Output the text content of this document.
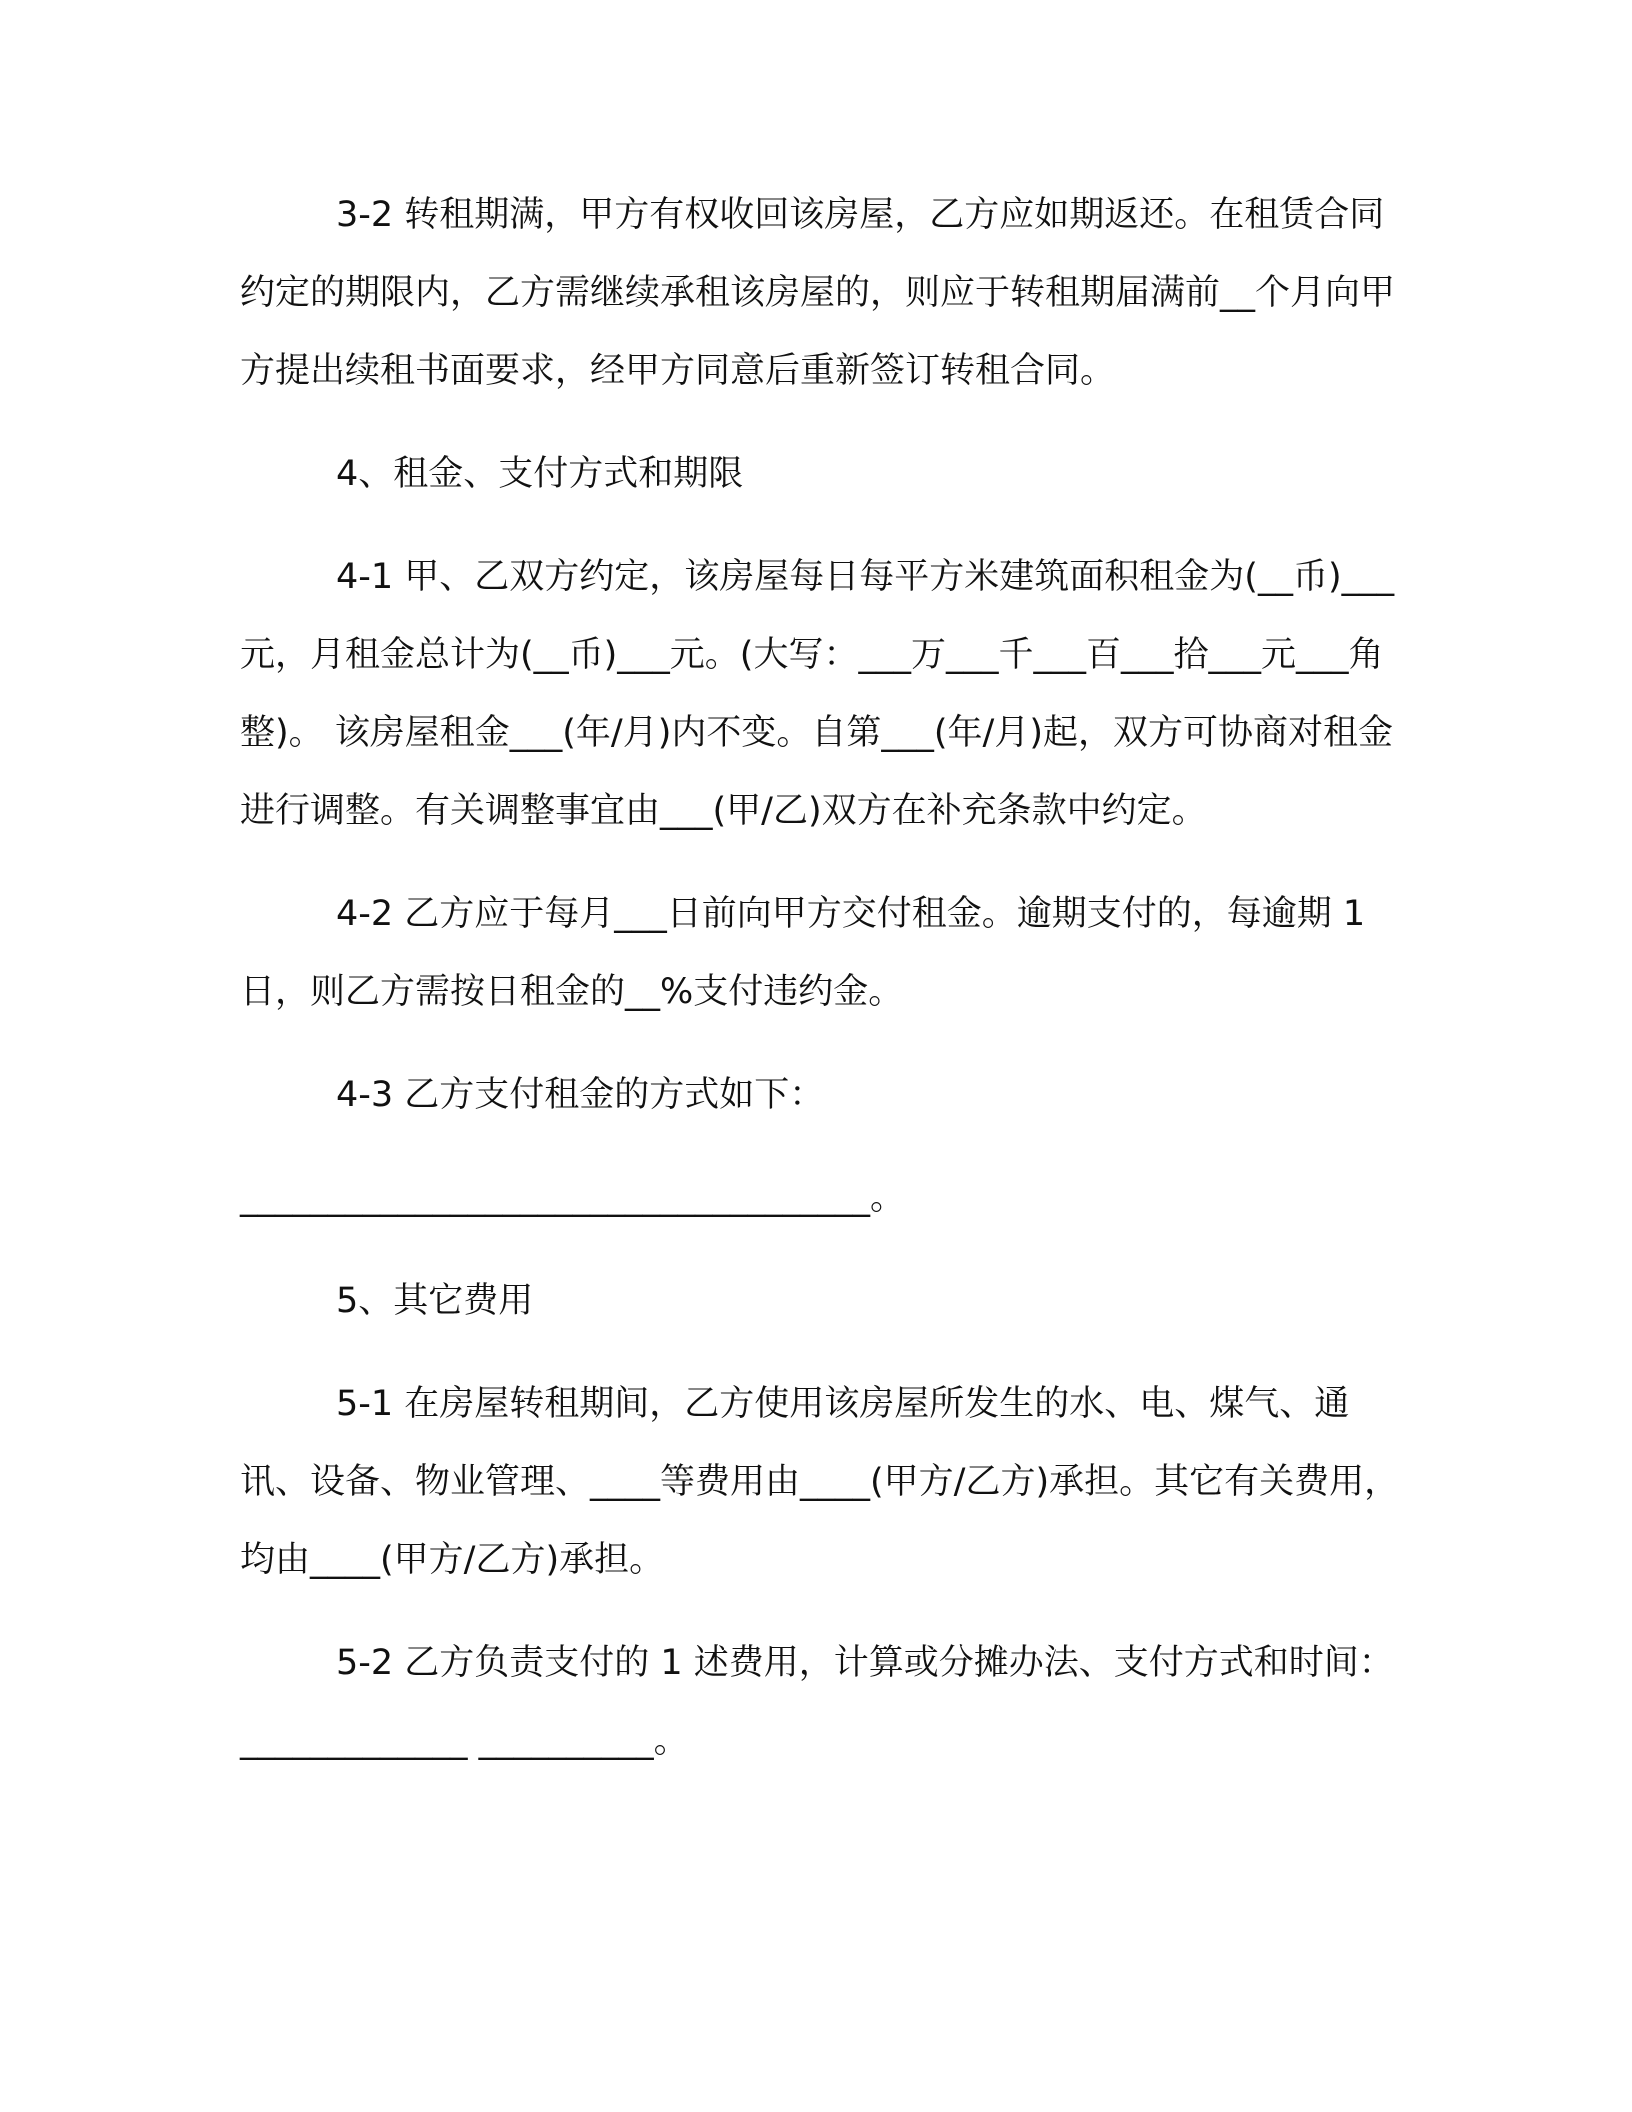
3-2 转租期满，甲方有权收回该房屋，乙方应如期返还。在租赁合同约定的期限内，乙方需继续承租该房屋的，则应于转租期届满前__个月向甲方提出续租书面要求，经甲方同意后重新签订转租合同。

4、租金、支付方式和期限

4-1 甲、乙双方约定，该房屋每日每平方米建筑面积租金为(__币)___元，月租金总计为(__币)___元。(大写：___万___千___百___拾___元___角整)。 该房屋租金___(年/月)内不变。自第___(年/月)起，双方可协商对租金进行调整。有关调整事宜由___(甲/乙)双方在补充条款中约定。

4-2 乙方应于每月___日前向甲方交付租金。逾期支付的，每逾期 1 日，则乙方需按日租金的__%支付违约金。

4-3 乙方支付租金的方式如下：

____________________________________。

5、其它费用

5-1 在房屋转租期间，乙方使用该房屋所发生的水、电、煤气、通讯、设备、物业管理、____等费用由____(甲方/乙方)承担。其它有关费用，均由____(甲方/乙方)承担。

5-2 乙方负责支付的 1 述费用，计算或分摊办法、支付方式和时间：_____________ __________。
